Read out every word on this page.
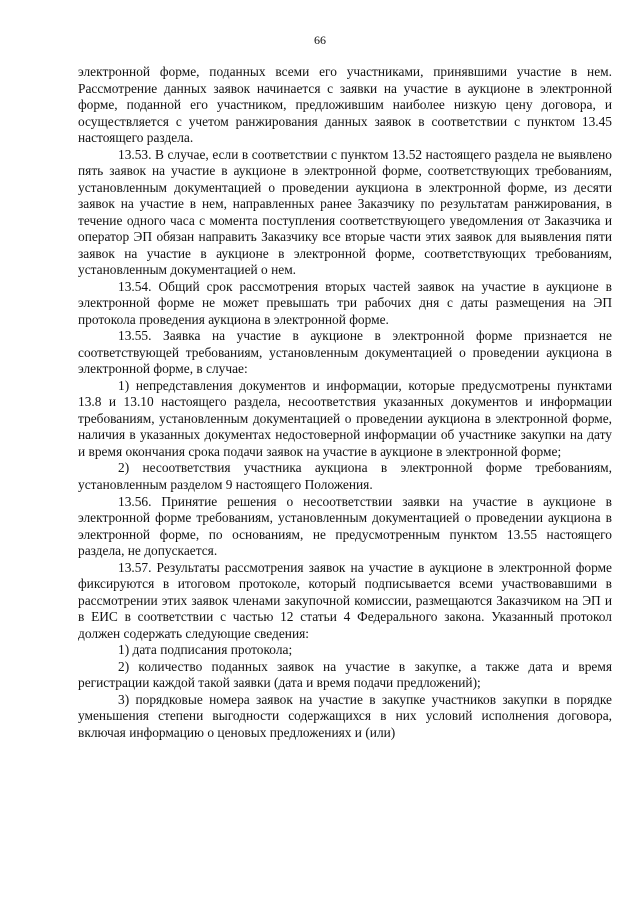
66

электронной форме, поданных всеми его участниками, принявшими участие в нем. Рассмотрение данных заявок начинается с заявки на участие в аукционе в электронной форме, поданной его участником, предложившим наиболее низкую цену договора, и осуществляется с учетом ранжирования данных заявок в соответствии с пунктом 13.45 настоящего раздела.

13.53. В случае, если в соответствии с пунктом 13.52 настоящего раздела не выявлено пять заявок на участие в аукционе в электронной форме, соответствующих требованиям, установленным документацией о проведении аукциона в электронной форме, из десяти заявок на участие в нем, направленных ранее Заказчику по результатам ранжирования, в течение одного часа с момента поступления соответствующего уведомления от Заказчика и оператор ЭП обязан направить Заказчику все вторые части этих заявок для выявления пяти заявок на участие в аукционе в электронной форме, соответствующих требованиям, установленным документацией о нем.

13.54. Общий срок рассмотрения вторых частей заявок на участие в аукционе в электронной форме не может превышать три рабочих дня с даты размещения на ЭП протокола проведения аукциона в электронной форме.

13.55. Заявка на участие в аукционе в электронной форме признается не соответствующей требованиям, установленным документацией о проведении аукциона в электронной форме, в случае:

1) непредставления документов и информации, которые предусмотрены пунктами 13.8 и 13.10 настоящего раздела, несоответствия указанных документов и информации требованиям, установленным документацией о проведении аукциона в электронной форме, наличия в указанных документах недостоверной информации об участнике закупки на дату и время окончания срока подачи заявок на участие в аукционе в электронной форме;

2) несоответствия участника аукциона в электронной форме требованиям, установленным разделом 9 настоящего Положения.

13.56. Принятие решения о несоответствии заявки на участие в аукционе в электронной форме требованиям, установленным документацией о проведении аукциона в электронной форме, по основаниям, не предусмотренным пунктом 13.55 настоящего раздела, не допускается.

13.57. Результаты рассмотрения заявок на участие в аукционе в электронной форме фиксируются в итоговом протоколе, который подписывается всеми участвовавшими в рассмотрении этих заявок членами закупочной комиссии, размещаются Заказчиком на ЭП и в ЕИС в соответствии с частью 12 статьи 4 Федерального закона. Указанный протокол должен содержать следующие сведения:

1) дата подписания протокола;

2) количество поданных заявок на участие в закупке, а также дата и время регистрации каждой такой заявки (дата и время подачи предложений);

3) порядковые номера заявок на участие в закупке участников закупки в порядке уменьшения степени выгодности содержащихся в них условий исполнения договора, включая информацию о ценовых предложениях и (или)
